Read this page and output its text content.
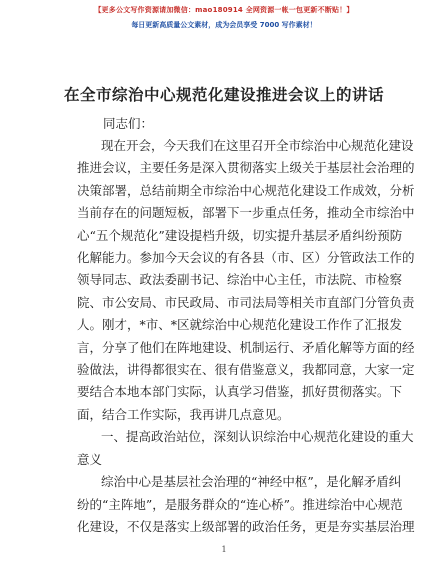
【更多公文写作资源请加微信：mao180914 全网资源一帐一包更新不断贴！】
每日更新高质量公文素材，成为会员享受 7000 写作素材！
在全市综治中心规范化建设推进会议上的讲话
同志们：
现在开会，今天我们在这里召开全市综治中心规范化建设
推进会议，主要任务是深入贯彻落实上级关于基层社会治理的
决策部署，总结前期全市综治中心规范化建设工作成效，分析
当前存在的问题短板，部署下一步重点任务，推动全市综治中
心“五个规范化”建设提档升级，切实提升基层矛盾纠纷预防
化解能力。参加今天会议的有各县（市、区）分管政法工作的
领导同志、政法委副书记、综治中心主任，市法院、市检察
院、市公安局、市民政局、市司法局等相关市直部门分管负责
人。刚才，*市、*区就综治中心规范化建设工作作了汇报发
言，分享了他们在阵地建设、机制运行、矛盾化解等方面的经
验做法，讲得都很实在、很有借鉴意义，我都同意，大家一定
要结合本地本部门实际，认真学习借鉴，抓好贯彻落实。下
面，结合工作实际，我再讲几点意见。
一、提高政治站位，深刻认识综治中心规范化建设的重大
意义
综治中心是基层社会治理的“神经中枢”，是化解矛盾纠
纷的“主阵地”，是服务群众的“连心桥”。推进综治中心规范
化建设，不仅是落实上级部署的政治任务，更是夯实基层治理
1
